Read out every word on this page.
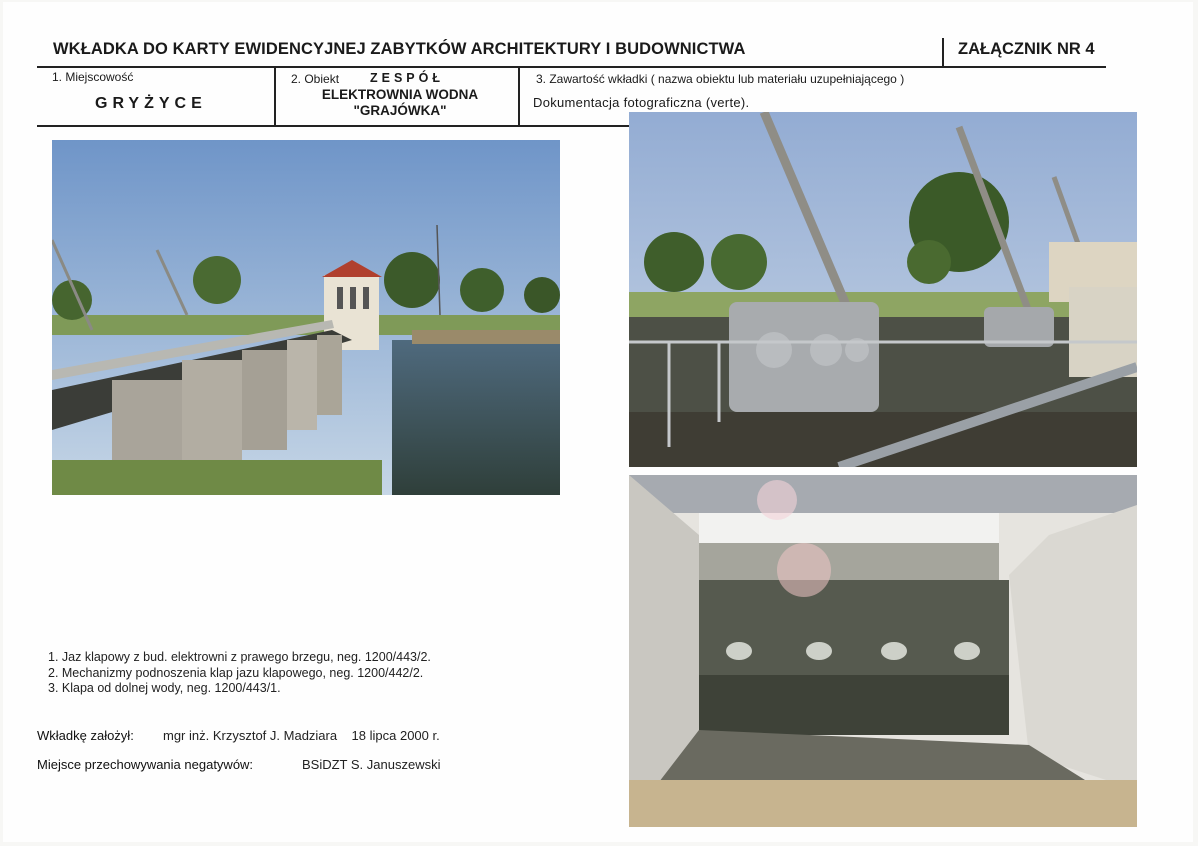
WKŁADKA DO KARTY EWIDENCYJNEJ ZABYTKÓW ARCHITEKTURY I BUDOWNICTWA	ZAŁĄCZNIK NR 4
1. Miejscowość
GRYŻYCE
2. Obiekt ZESPÓŁ
ELEKTROWNIA WODNA
"GRAJÓWKA"
3. Zawartość wkładki ( nazwa obiektu lub materiału uzupełniającego )
Dokumentacja fotograficzna (verte).
1. Jaz klapowy z bud. elektrowni z prawego brzegu, neg. 1200/443/2.
2. Mechanizmy podnoszenia klap jazu klapowego, neg. 1200/442/2.
3. Klapa od dolnej wody, neg. 1200/443/1.
Wkładkę założył: mgr inż. Krzysztof J. Madziara    18 lipca 2000 r.
Miejsce przechowywania negatywów:	BSiDZT S. Januszewski
